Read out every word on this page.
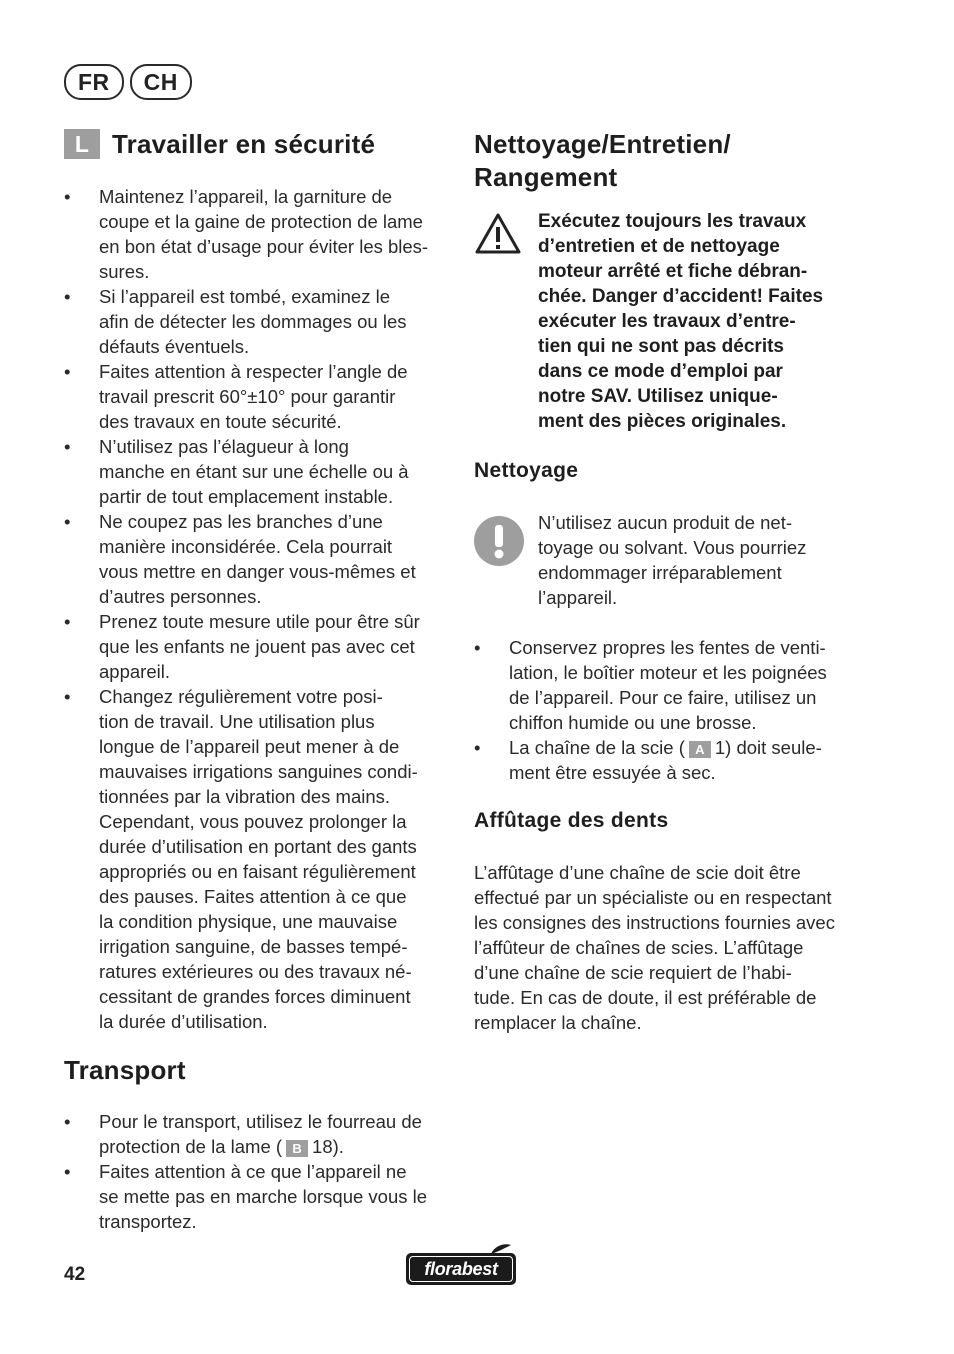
FR	CH
L Travailler en sécurité
• Maintenez l’appareil, la garniture de
coupe et la gaine de protection de lame
en bon état d’usage pour éviter les bles-
sures.
• Si l’appareil est tombé, examinez le
afin de détecter les dommages ou les
défauts éventuels.
• Faites attention à respecter l’angle de
travail prescrit 60°±10° pour garantir
des travaux en toute sécurité.
• N’utilisez pas l’élagueur à long
manche en étant sur une échelle ou à
partir de tout emplacement instable.
• Ne coupez pas les branches d’une
manière inconsidérée. Cela pourrait
vous mettre en danger vous-mêmes et
d’autres personnes.
• Prenez toute mesure utile pour être sûr
que les enfants ne jouent pas avec cet
appareil.
• Changez régulièrement votre posi-
tion de travail. Une utilisation plus
longue de l’appareil peut mener à de
mauvaises irrigations sanguines condi-
tionnées par la vibration des mains.
Cependant, vous pouvez prolonger la
durée d’utilisation en portant des gants
appropriés ou en faisant régulièrement
des pauses. Faites attention à ce que
la condition physique, une mauvaise
irrigation sanguine, de basses tempé-
ratures extérieures ou des travaux né-
cessitant de grandes forces diminuent
la durée d’utilisation.
Transport
• Pour le transport, utilisez le fourreau de
protection de la lame ( B 18).
• Faites attention à ce que l’appareil ne
se mette pas en marche lorsque vous le
transportez.
Nettoyage/Entretien/
Rangement
Exécutez toujours les travaux
d’entretien et de nettoyage
moteur arrêté et fiche débran-
chée. Danger d’accident! Faites
exécuter les travaux d’entre-
tien qui ne sont pas décrits
dans ce mode d’emploi par
notre SAV. Utilisez unique-
ment des pièces originales.
Nettoyage
N’utilisez aucun produit de net-
toyage ou solvant. Vous pourriez
endommager irréparablement
l’appareil.
• Conservez propres les fentes de venti-
lation, le boîtier moteur et les poignées
de l’appareil. Pour ce faire, utilisez un
chiffon humide ou une brosse.
• La chaîne de la scie ( A 1) doit seule-
ment être essuyée à sec.
Affûtage des dents
L’affûtage d’une chaîne de scie doit être
effectué par un spécialiste ou en respectant
les consignes des instructions fournies avec
l’affûteur de chaînes de scies. L’affûtage
d’une chaîne de scie requiert de l’habi-
tude. En cas de doute, il est préférable de
remplacer la chaîne.
42	florabest
